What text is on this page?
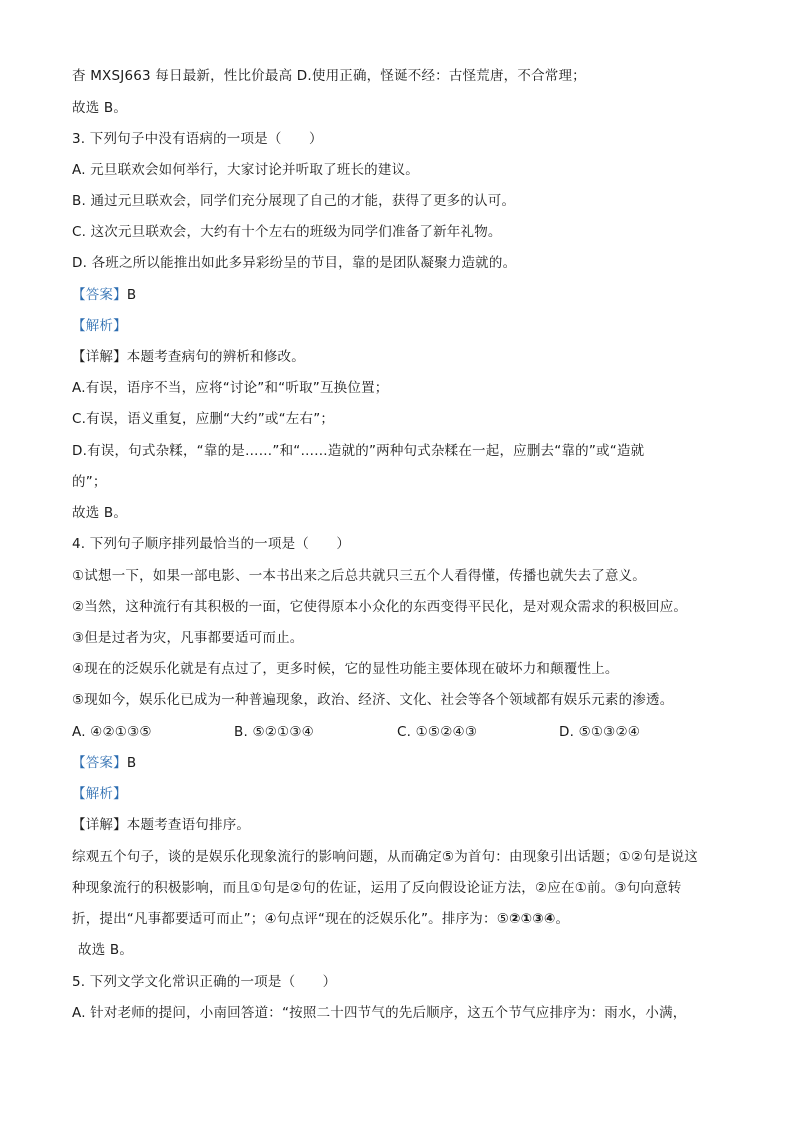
杳 MXSJ663 每日最新，性比价最高 D.使用正确，怪诞不经：古怪荒唐，不合常理；
故选 B。
3. 下列句子中没有语病的一项是（　　）
A. 元旦联欢会如何举行，大家讨论并听取了班长的建议。
B. 通过元旦联欢会，同学们充分展现了自己的才能，获得了更多的认可。
C. 这次元旦联欢会，大约有十个左右的班级为同学们准备了新年礼物。
D. 各班之所以能推出如此多异彩纷呈的节目，靠的是团队凝聚力造就的。
【答案】B
【解析】
【详解】本题考查病句的辨析和修改。
A.有误，语序不当，应将“讨论”和“听取”互换位置；
C.有误，语义重复，应删“大约”或“左右”；
D.有误，句式杂糅，“靠的是……”和“……造就的”两种句式杂糅在一起，应删去“靠的”或“造就
的”；
故选 B。
4. 下列句子顺序排列最恰当的一项是（　　）
①试想一下，如果一部电影、一本书出来之后总共就只三五个人看得懂，传播也就失去了意义。
②当然，这种流行有其积极的一面，它使得原本小众化的东西变得平民化，是对观众需求的积极回应。
③但是过者为灾，凡事都要适可而止。
④现在的泛娱乐化就是有点过了，更多时候，它的显性功能主要体现在破坏力和颠覆性上。
⑤现如今，娱乐化已成为一种普遍现象，政治、经济、文化、社会等各个领域都有娱乐元素的渗透。
A. ④②①③⑤	B. ⑤②①③④	C. ①⑤②④③	D. ⑤①③②④
【答案】B
【解析】
【详解】本题考查语句排序。
综观五个句子，谈的是娱乐化现象流行的影响问题，从而确定⑤为首句：由现象引出话题；①②句是说这
种现象流行的积极影响，而且①句是②句的佐证，运用了反向假设论证方法，②应在①前。③句向意转
折，提出“凡事都要适可而止”；④句点评“现在的泛娱乐化”。排序为：⑤②①③④。
故选 B。
5. 下列文学文化常识正确的一项是（　　）
A. 针对老师的提问，小南回答道：“按照二十四节气的先后顺序，这五个节气应排序为：雨水，小满，
